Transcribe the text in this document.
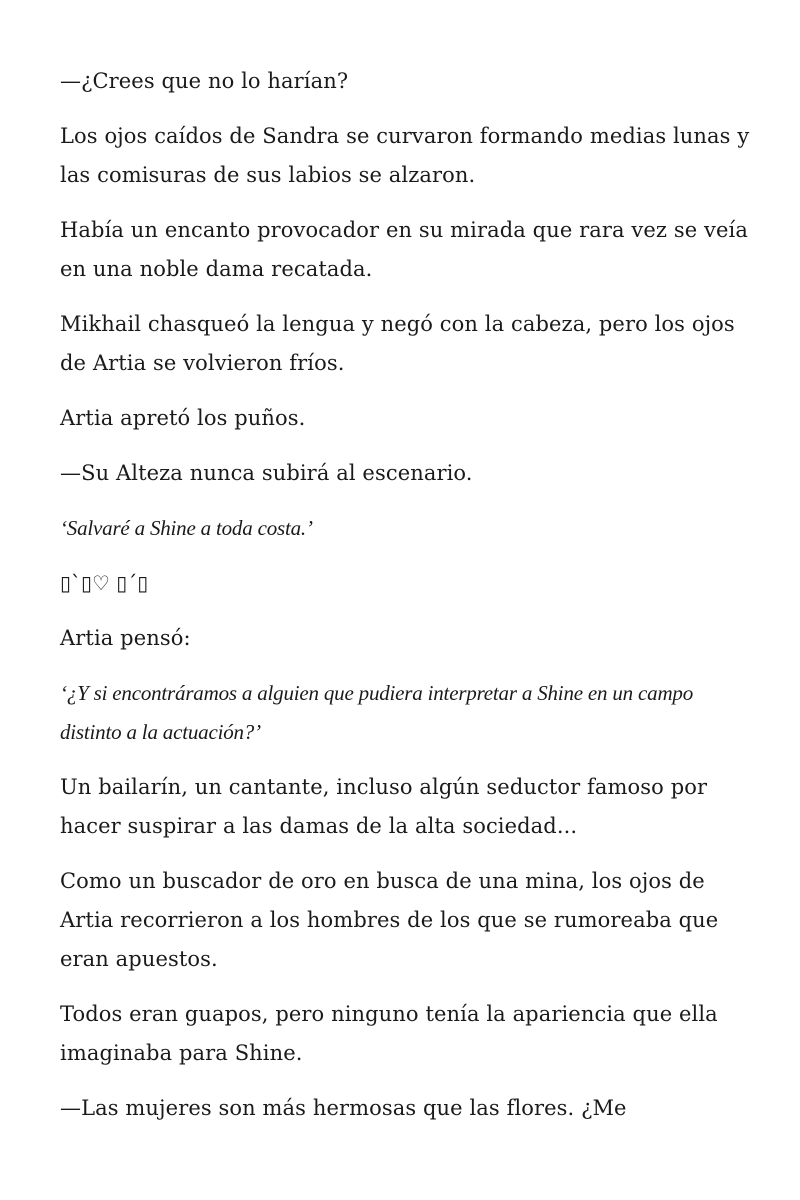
—¿Crees que no lo harían?

Los ojos caídos de Sandra se curvaron formando medias lunas y las comisuras de sus labios se alzaron.

Había un encanto provocador en su mirada que rara vez se veía en una noble dama recatada.

Mikhail chasqueó la lengua y negó con la cabeza, pero los ojos de Artia se volvieron fríos.

Artia apretó los puños.

—Su Alteza nunca subirá al escenario.

‘Salvaré a Shine a toda costa.’

▯`▯♡ ▯´▯

Artia pensó:

‘¿Y si encontráramos a alguien que pudiera interpretar a Shine en un campo distinto a la actuación?’

Un bailarín, un cantante, incluso algún seductor famoso por hacer suspirar a las damas de la alta sociedad...

Como un buscador de oro en busca de una mina, los ojos de Artia recorrieron a los hombres de los que se rumoreaba que eran apuestos.

Todos eran guapos, pero ninguno tenía la apariencia que ella imaginaba para Shine.

—Las mujeres son más hermosas que las flores. ¿Me
